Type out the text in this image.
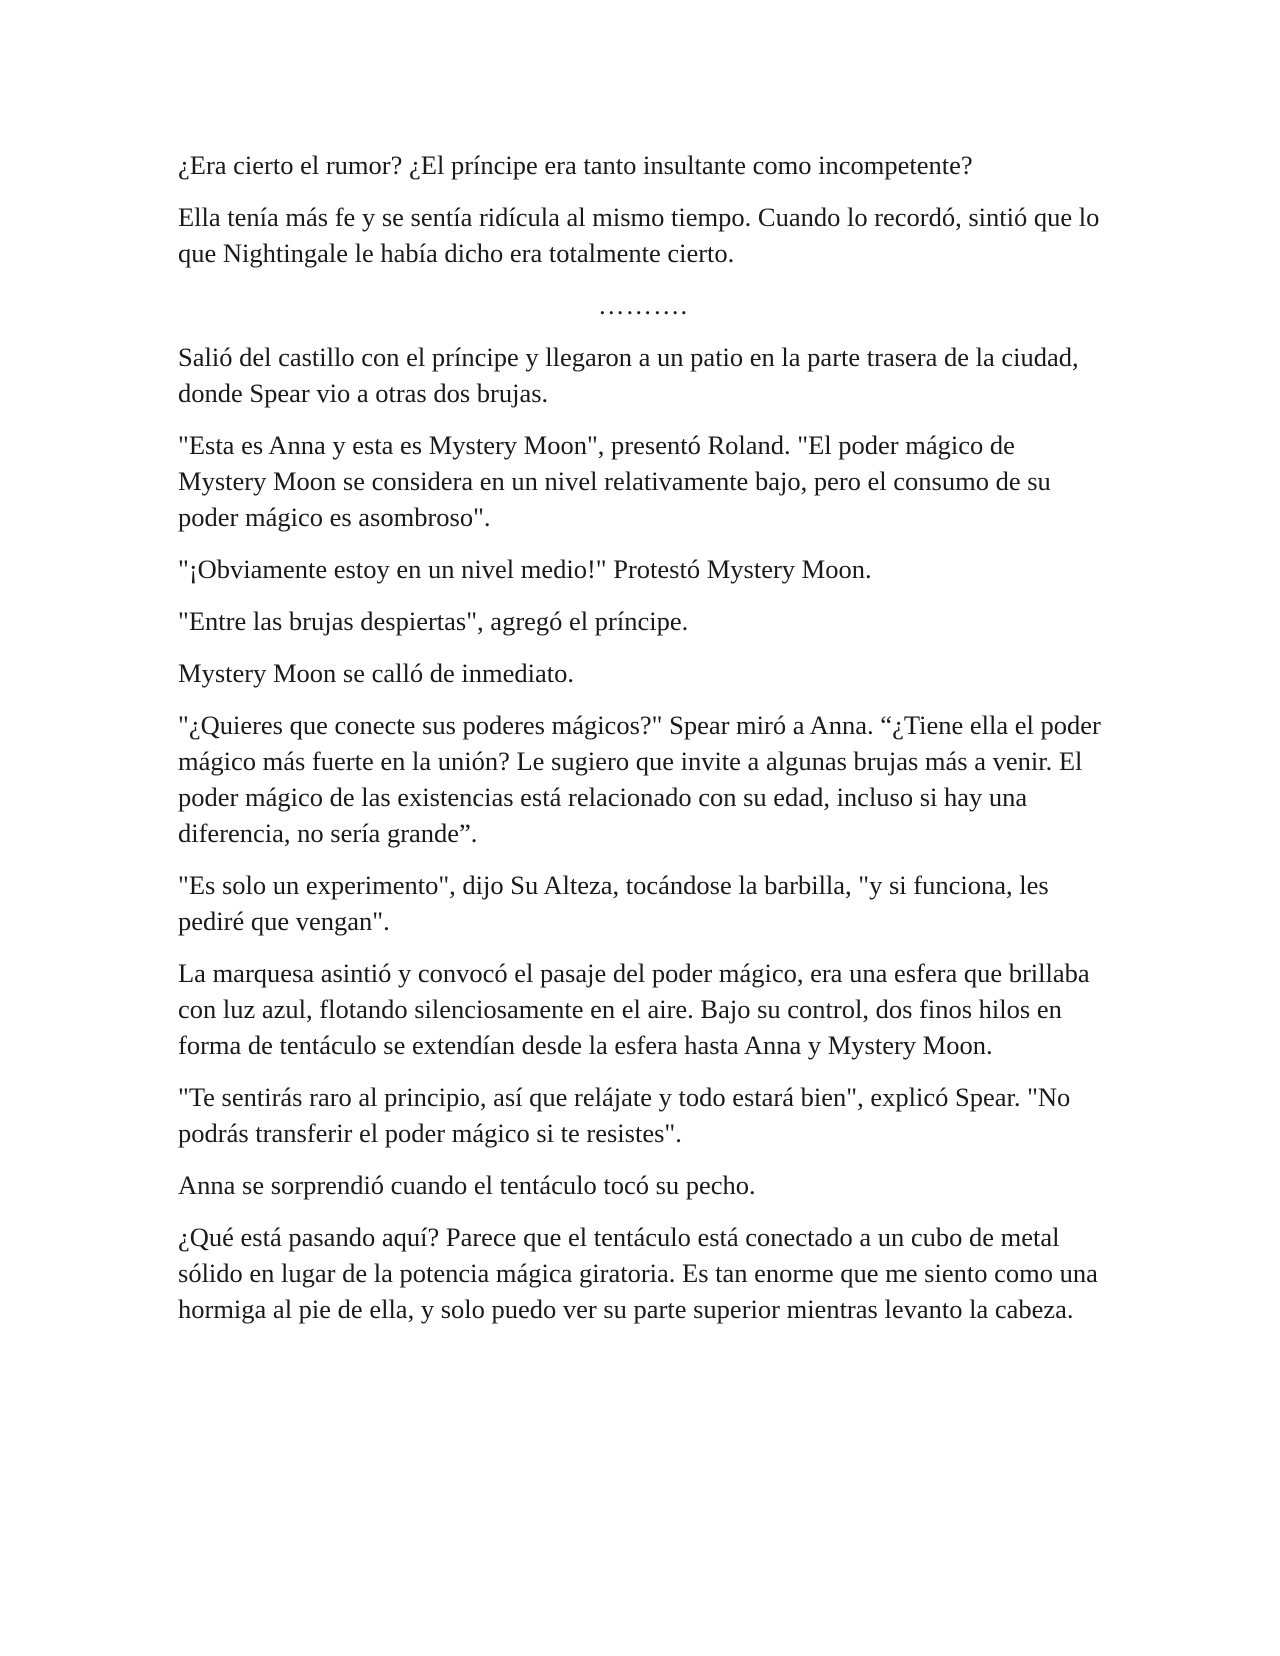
¿Era cierto el rumor? ¿El príncipe era tanto insultante como incompetente?

Ella tenía más fe y se sentía ridícula al mismo tiempo. Cuando lo recordó, sintió que lo que Nightingale le había dicho era totalmente cierto.

……….

Salió del castillo con el príncipe y llegaron a un patio en la parte trasera de la ciudad, donde Spear vio a otras dos brujas.

"Esta es Anna y esta es Mystery Moon", presentó Roland. "El poder mágico de Mystery Moon se considera en un nivel relativamente bajo, pero el consumo de su poder mágico es asombroso".

"¡Obviamente estoy en un nivel medio!" Protestó Mystery Moon.

"Entre las brujas despiertas", agregó el príncipe.

Mystery Moon se calló de inmediato.

"¿Quieres que conecte sus poderes mágicos?" Spear miró a Anna. “¿Tiene ella el poder mágico más fuerte en la unión? Le sugiero que invite a algunas brujas más a venir. El poder mágico de las existencias está relacionado con su edad, incluso si hay una diferencia, no sería grande”.

"Es solo un experimento", dijo Su Alteza, tocándose la barbilla, "y si funciona, les pediré que vengan".

La marquesa asintió y convocó el pasaje del poder mágico, era una esfera que brillaba con luz azul, flotando silenciosamente en el aire. Bajo su control, dos finos hilos en forma de tentáculo se extendían desde la esfera hasta Anna y Mystery Moon.

"Te sentirás raro al principio, así que relájate y todo estará bien", explicó Spear. "No podrás transferir el poder mágico si te resistes".

Anna se sorprendió cuando el tentáculo tocó su pecho.

¿Qué está pasando aquí? Parece que el tentáculo está conectado a un cubo de metal sólido en lugar de la potencia mágica giratoria. Es tan enorme que me siento como una hormiga al pie de ella, y solo puedo ver su parte superior mientras levanto la cabeza.
